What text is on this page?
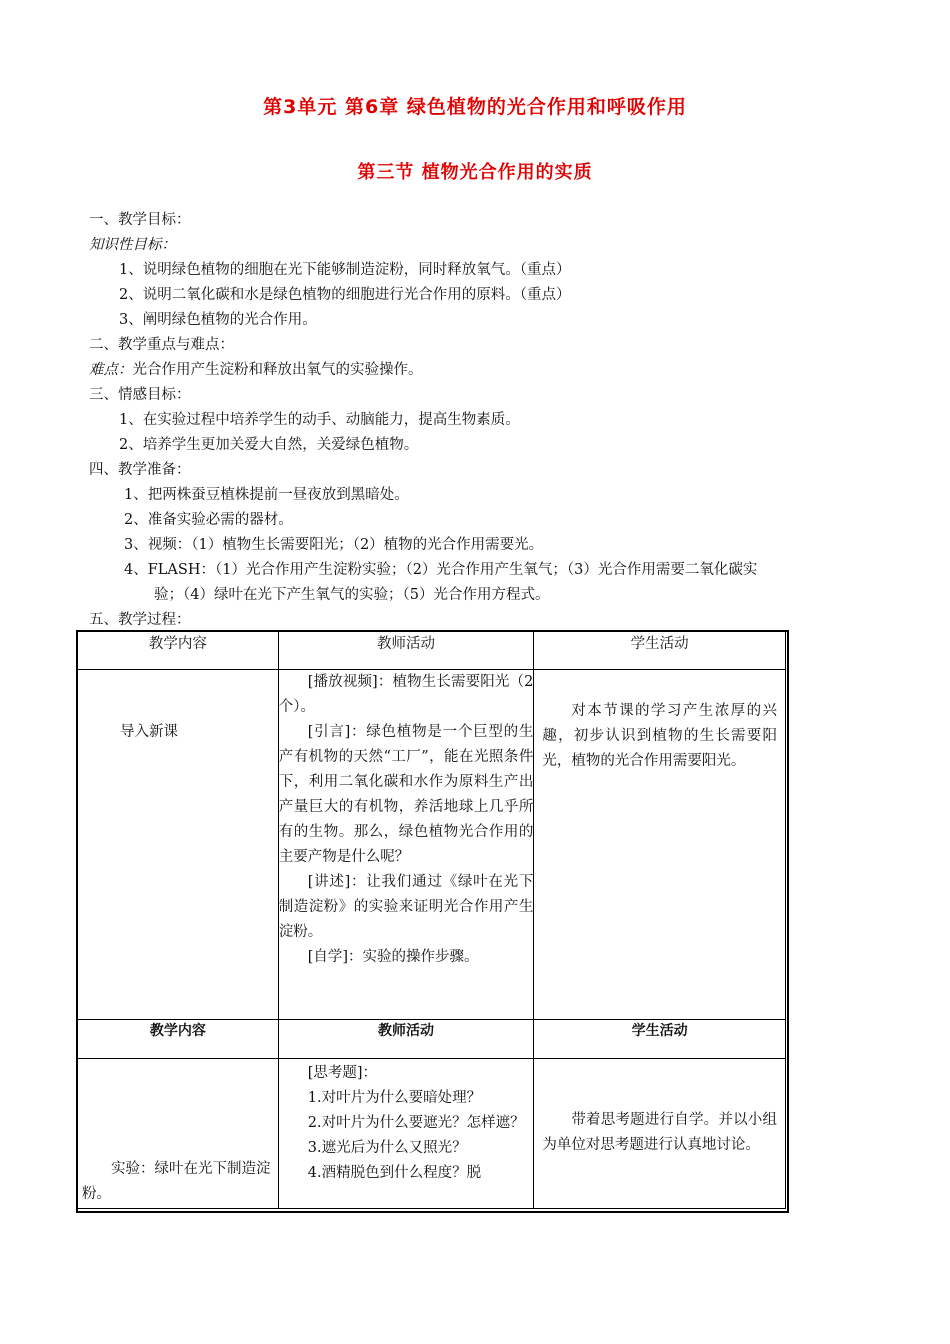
第3单元 第6章 绿色植物的光合作用和呼吸作用
第三节 植物光合作用的实质
一、教学目标：
知识性目标：
1、说明绿色植物的细胞在光下能够制造淀粉，同时释放氧气。（重点）
2、说明二氧化碳和水是绿色植物的细胞进行光合作用的原料。（重点）
3、阐明绿色植物的光合作用。
二、教学重点与难点：
难点：光合作用产生淀粉和释放出氧气的实验操作。
三、情感目标：
1、在实验过程中培养学生的动手、动脑能力，提高生物素质。
2、培养学生更加关爱大自然，关爱绿色植物。
四、教学准备：
1、把两株蚕豆植株提前一昼夜放到黑暗处。
2、准备实验必需的器材。
3、视频：（1）植物生长需要阳光；（2）植物的光合作用需要光。
4、FLASH：（1）光合作用产生淀粉实验；（2）光合作用产生氧气；（3）光合作用需要二氧化碳实
验；（4）绿叶在光下产生氧气的实验；（5）光合作用方程式。
五、教学过程：
教学内容	教师活动	学生活动

导入新课	[播放视频]：植物生长需要阳光（2个）。
[引言]：绿色植物是一个巨型的生产有机物的天然“工厂”，能在光照条件下，利用二氧化碳和水作为原料生产出产量巨大的有机物，养活地球上几乎所有的生物。那么，绿色植物光合作用的主要产物是什么呢？
[讲述]：让我们通过《绿叶在光下制造淀粉》的实验来证明光合作用产生淀粉。
[自学]：实验的操作步骤。	对本节课的学习产生浓厚的兴趣，初步认识到植物的生长需要阳光，植物的光合作用需要阳光。

教学内容	教师活动	学生活动

实验：绿叶在光下制造淀粉。	[思考题]：
1.对叶片为什么要暗处理？
2.对叶片为什么要遮光？怎样遮？
3.遮光后为什么又照光？
4.酒精脱色到什么程度？脱	带着思考题进行自学。并以小组为单位对思考题进行认真地讨论。
